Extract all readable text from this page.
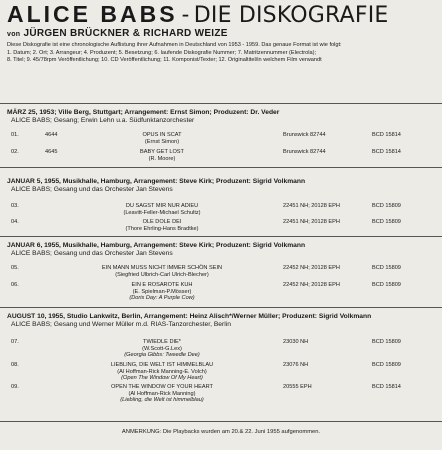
ALICE BABS - DIE DISKOGRAFIE
von JÜRGEN BRÜCKNER & RICHARD WEIZE
Diese Diskografie ist eine chronologische Auflistung ihrer Aufnahmen in Deutschland von 1953 - 1959. Das genaue Format ist wie folgt:
1. Datum; 2. Ort; 3. Arrangeur; 4. Produzent; 5. Besetzung; 6. laufende Diskografie Nummer; 7. Matritzennummer (Electrola);
8. Titel; 9. 45/78rpm Veröffentlichung; 10. CD Veröffentlichung; 11. Komponist/Texter; 12. Originaltitel/in welchem Film verwandt
MÄRZ 25, 1953; Ville Berg, Stuttgart; Arrangement: Ernst Simon; Produzent: Dr. Veder
ALICE BABS; Gesang; Erwin Lehn u.a. Südfunktanzorchester
01.	4644	OPUS IN SCAT
(Ernst Simon)
Brunswick 82744	BCD 15814
02.	4645	BABY GET LOST
(R. Moore)
Brunswick 82744	BCD 15814
JANUAR 5, 1955, Musikhalle, Hamburg, Arrangement: Steve Kirk; Produzent: Sigrid Volkmann
ALICE BABS; Gesang und das Orchester Jan Stevens
03.	DU SAGST MIR NUR ADIEU
(Leavitt-Feller-Michael Schultz)
22451 NH; 20128 EPH	BCD 15809
04.	OLE DOLE DEI
(Thore Ehrling-Hans Bradtke)
22451 NH; 20128 EPH	BCD 15809
JANUAR 6, 1955, Musikhalle, Hamburg, Arrangement: Steve Kirk; Produzent: Sigrid Volkmann
ALICE BABS; Gesang und das Orchester Jan Stevens
05.	EIN MANN MUSS NICHT IMMER SCHÖN SEIN
(Siegfried Ulbrich-Carl Ulrich-Blecher)
22452 NH; 20128 EPH	BCD 15809
06.	EIN E ROSAROTE KUH
(E. Spielman-P.Mösser)
(Doris Day: A Purple Cow)
22452 NH; 20128 EPH	BCD 15809
AUGUST 10, 1955, Studio Lankwitz, Berlin, Arrangement: Heinz Alisch*/Werner Müller; Produzent: Sigrid Volkmann
ALICE BABS; Gesang und Werner Müller m.d. RIAS-Tanzorchester, Berlin
07.	TWIEDLE DIE*
(W.Scott-G.Lex)
(Georgia Gibbs: Tweedle Dee)
23030 NH	BCD 15809
08.	LIEBLING, DIE WELT IST HIMMELBLAU
(Al Hoffman-Rick Manning-E. Volch)
(Open The Window Of My Heart)
23076 NH	BCD 15809
09.	OPEN THE WINDOW OF YOUR HEART
(Al Hoffman-Rick Manning)
(Liebling, die Welt ist himmelblau)
20555 EPH	BCD 15814
ANMERKUNG: Die Playbacks wurden am 20.& 22. Juni 1955 aufgenommen.
